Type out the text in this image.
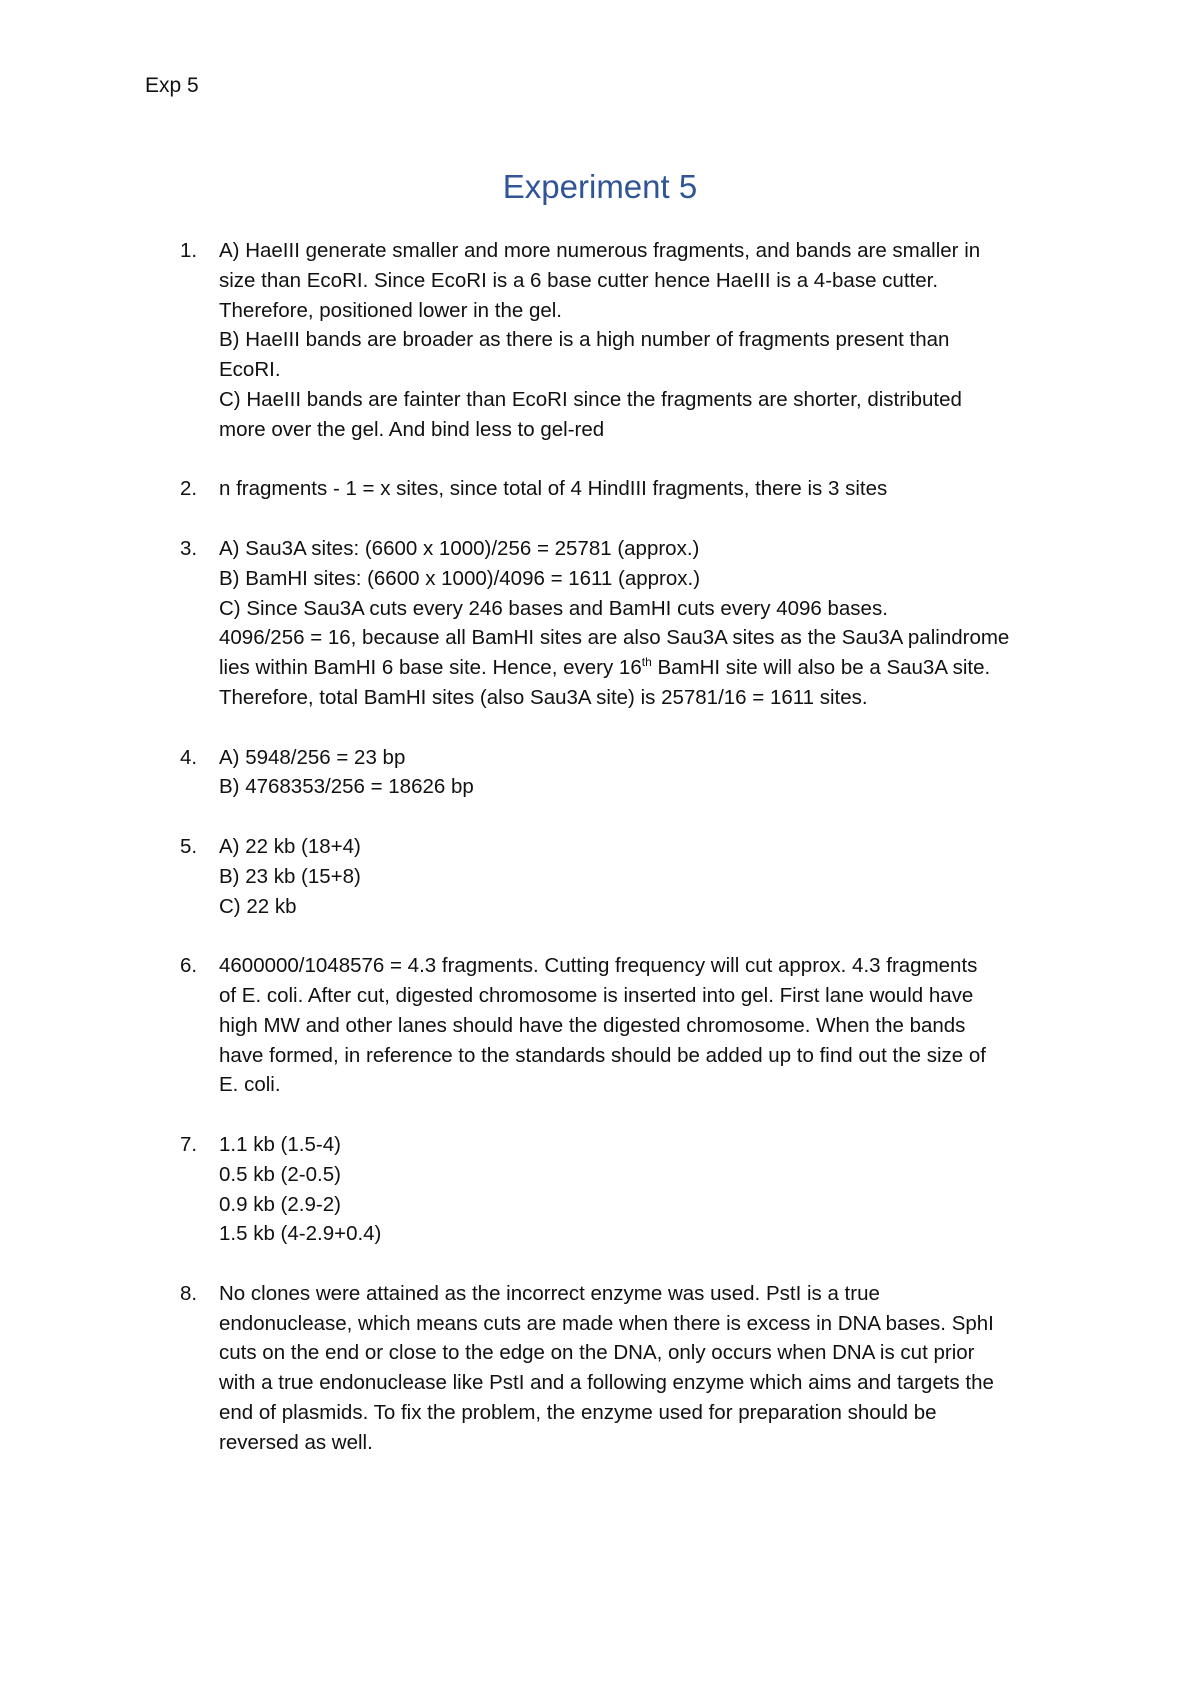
Exp 5
Experiment 5
1.	A) HaeIII generate smaller and more numerous fragments, and bands are smaller in
size than EcoRI. Since EcoRI is a 6 base cutter hence HaeIII is a 4-base cutter.
Therefore, positioned lower in the gel.
B) HaeIII bands are broader as there is a high number of fragments present than
EcoRI.
C) HaeIII bands are fainter than EcoRI since the fragments are shorter, distributed
more over the gel. And bind less to gel-red
2.	n fragments - 1 = x sites, since total of 4 HindIII fragments, there is 3 sites
3.	A) Sau3A sites: (6600 x 1000)/256 = 25781 (approx.)
B) BamHI sites: (6600 x 1000)/4096 = 1611 (approx.)
C) Since Sau3A cuts every 246 bases and BamHI cuts every 4096 bases.
4096/256 = 16, because all BamHI sites are also Sau3A sites as the Sau3A palindrome
lies within BamHI 6 base site. Hence, every 16th BamHI site will also be a Sau3A site.
Therefore, total BamHI sites (also Sau3A site) is 25781/16 = 1611 sites.
4.	A) 5948/256 = 23 bp
B) 4768353/256 = 18626 bp
5.	A) 22 kb (18+4)
B) 23 kb (15+8)
C) 22 kb
6.	4600000/1048576 = 4.3 fragments. Cutting frequency will cut approx. 4.3 fragments
of E. coli. After cut, digested chromosome is inserted into gel. First lane would have
high MW and other lanes should have the digested chromosome. When the bands
have formed, in reference to the standards should be added up to find out the size of
E. coli.
7.	1.1 kb (1.5-4)
0.5 kb (2-0.5)
0.9 kb (2.9-2)
1.5 kb (4-2.9+0.4)
8.	No clones were attained as the incorrect enzyme was used. PstI is a true
endonuclease, which means cuts are made when there is excess in DNA bases. SphI
cuts on the end or close to the edge on the DNA, only occurs when DNA is cut prior
with a true endonuclease like PstI and a following enzyme which aims and targets the
end of plasmids. To fix the problem, the enzyme used for preparation should be
reversed as well.
